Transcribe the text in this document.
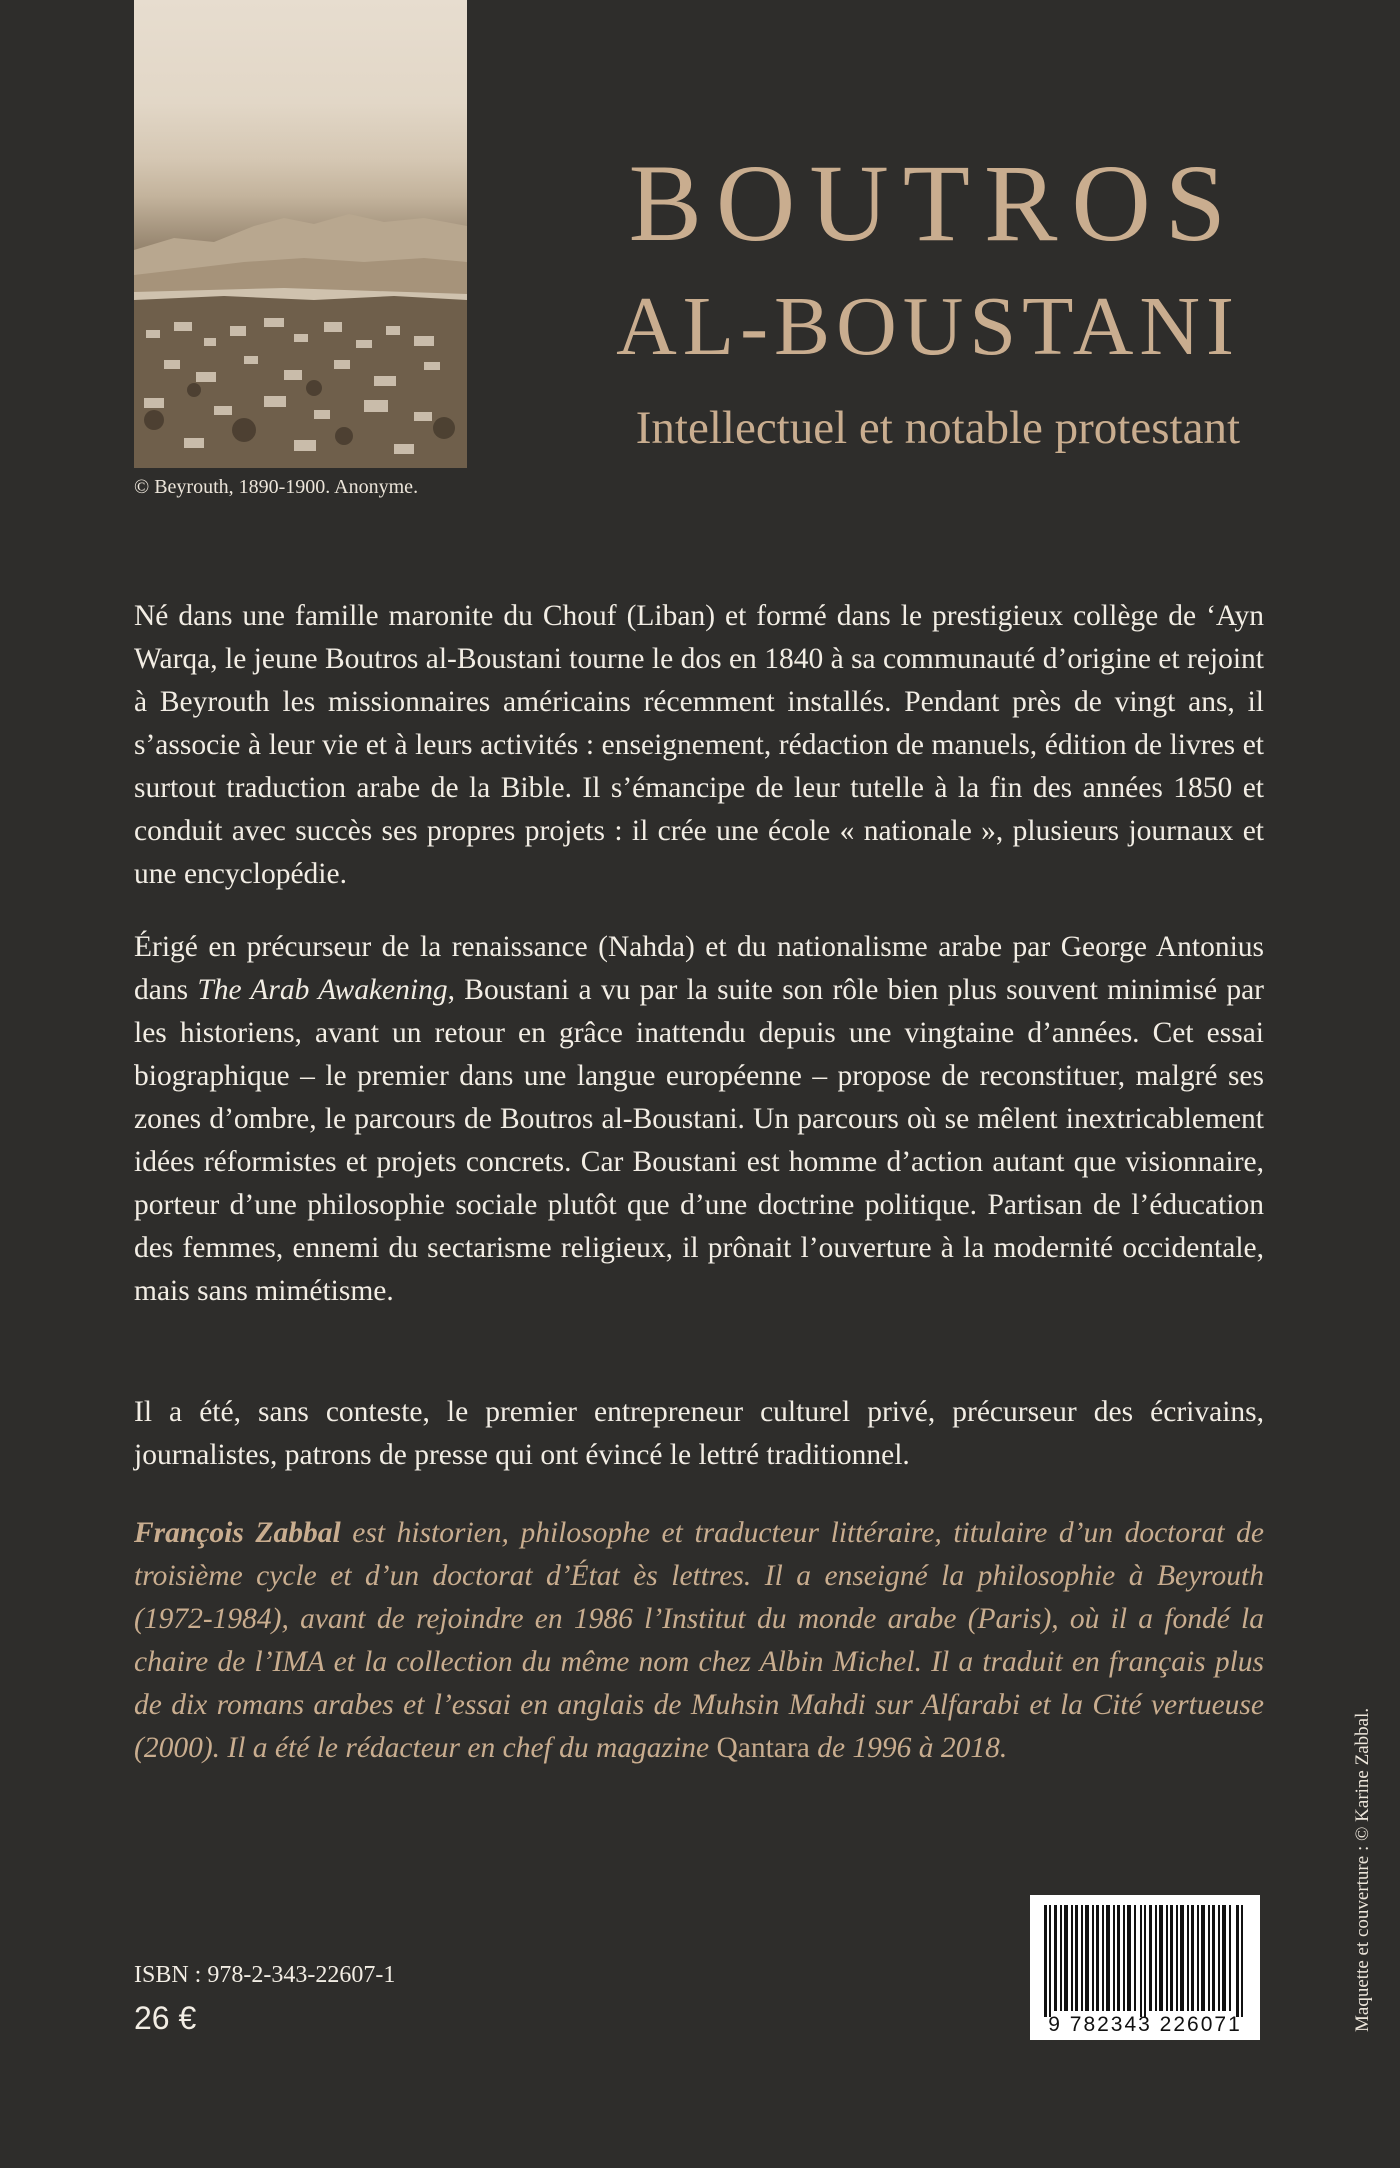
© Beyrouth, 1890-1900. Anonyme.
BOUTROS
AL-BOUSTANI
Intellectuel et notable protestant

Né dans une famille maronite du Chouf (Liban) et formé dans le prestigieux collège de ‘Ayn Warqa, le jeune Boutros al-Boustani tourne le dos en 1840 à sa communauté d’origine et rejoint à Beyrouth les missionnaires américains récemment installés. Pendant près de vingt ans, il s’associe à leur vie et à leurs activités : enseignement, rédaction de manuels, édition de livres et surtout traduction arabe de la Bible. Il s’émancipe de leur tutelle à la fin des années 1850 et conduit avec succès ses propres projets : il crée une école « nationale », plusieurs journaux et une encyclopédie.

Érigé en précurseur de la renaissance (Nahda) et du nationalisme arabe par George Antonius dans The Arab Awakening, Boustani a vu par la suite son rôle bien plus souvent minimisé par les historiens, avant un retour en grâce inattendu depuis une vingtaine d’années. Cet essai biographique – le premier dans une langue européenne – propose de reconstituer, malgré ses zones d’ombre, le parcours de Boutros al-Boustani. Un parcours où se mêlent inextricablement idées réformistes et projets concrets. Car Boustani est homme d’action autant que visionnaire, porteur d’une philosophie sociale plutôt que d’une doctrine politique. Partisan de l’éducation des femmes, ennemi du sectarisme religieux, il prônait l’ouverture à la modernité occidentale, mais sans mimétisme.

Il a été, sans conteste, le premier entrepreneur culturel privé, précurseur des écrivains, journalistes, patrons de presse qui ont évincé le lettré traditionnel.

François Zabbal est historien, philosophe et traducteur littéraire, titulaire d’un doctorat de troisième cycle et d’un doctorat d’État ès lettres. Il a enseigné la philosophie à Beyrouth (1972-1984), avant de rejoindre en 1986 l’Institut du monde arabe (Paris), où il a fondé la chaire de l’IMA et la collection du même nom chez Albin Michel. Il a traduit en français plus de dix romans arabes et l’essai en anglais de Muhsin Mahdi sur Alfarabi et la Cité vertueuse (2000). Il a été le rédacteur en chef du magazine Qantara de 1996 à 2018.	Maquette et couverture : © Karine Zabbal.
9 782343 226071
ISBN : 978-2-343-22607-1
26 €
